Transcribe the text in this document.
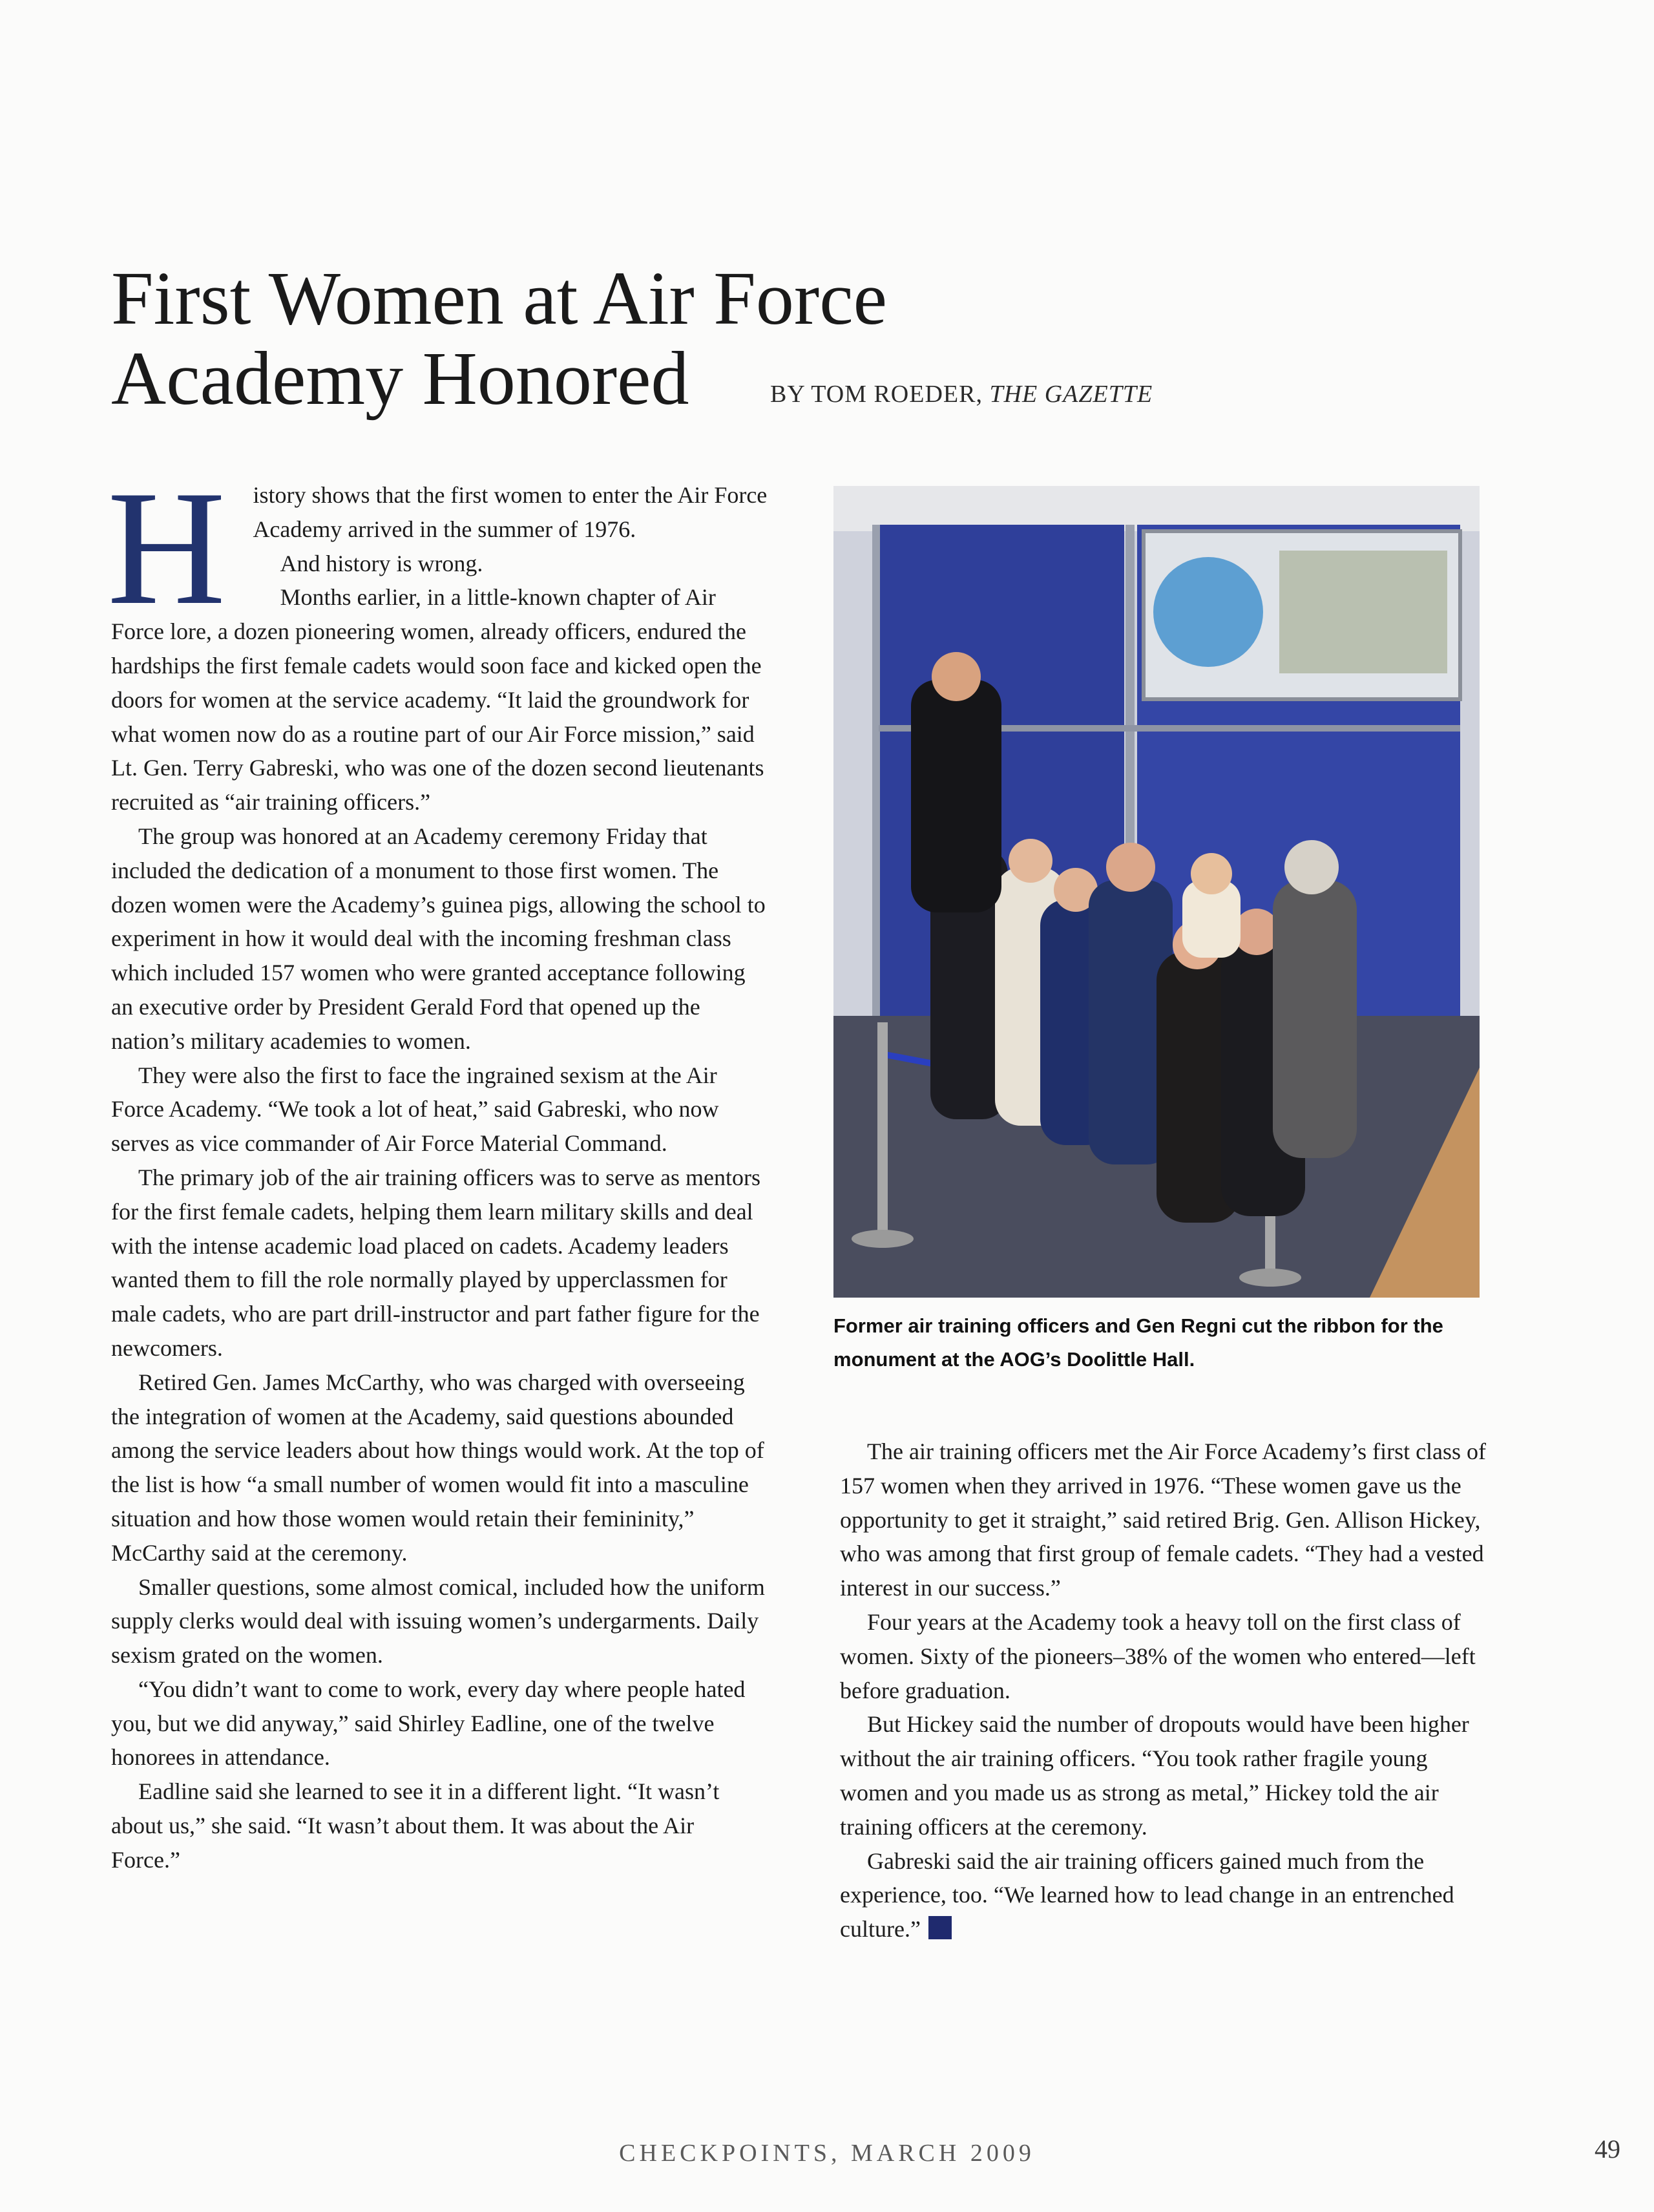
First Women at Air Force
Academy Honored	BY TOM ROEDER, THE GAZETTE

H istory shows that the first women to enter the Air Force Academy arrived in the summer of 1976.

And history is wrong.

Months earlier, in a little-known chapter of Air Force lore, a dozen pioneering women, already officers, endured the hardships the first female cadets would soon face and kicked open the doors for women at the service academy. “It laid the groundwork for what women now do as a routine part of our Air Force mission,” said Lt. Gen. Terry Gabreski, who was one of the dozen second lieutenants recruited as “air training officers.”

The group was honored at an Academy ceremony Friday that included the dedication of a monument to those first women. The dozen women were the Academy’s guinea pigs, allowing the school to experiment in how it would deal with the incoming freshman class which included 157 women who were granted acceptance following an executive order by President Gerald Ford that opened up the nation’s military academies to women.

They were also the first to face the ingrained sexism at the Air Force Academy. “We took a lot of heat,” said Gabreski, who now serves as vice commander of Air Force Material Command.

The primary job of the air training officers was to serve as mentors for the first female cadets, helping them learn military skills and deal with the intense academic load placed on cadets. Academy leaders wanted them to fill the role normally played by upperclassmen for male cadets, who are part drill-instructor and part father figure for the newcomers.

Retired Gen. James McCarthy, who was charged with overseeing the integration of women at the Academy, said questions abounded among the service leaders about how things would work. At the top of the list is how “a small number of women would fit into a masculine situation and how those women would retain their femininity,” McCarthy said at the ceremony.

Smaller questions, some almost comical, included how the uniform supply clerks would deal with issuing women’s undergarments. Daily sexism grated on the women.

“You didn’t want to come to work, every day where people hated you, but we did anyway,” said Shirley Eadline, one of the twelve honorees in attendance.

Eadline said she learned to see it in a different light. “It wasn’t about us,” she said. “It wasn’t about them. It was about the Air Force.”

Former air training officers and Gen Regni cut the ribbon for the monument at the AOG’s Doolittle Hall.

The air training officers met the Air Force Academy’s first class of 157 women when they arrived in 1976. “These women gave us the opportunity to get it straight,” said retired Brig. Gen. Allison Hickey, who was among that first group of female cadets. “They had a vested interest in our success.”

Four years at the Academy took a heavy toll on the first class of women. Sixty of the pioneers–38% of the women who entered—left before graduation.

But Hickey said the number of dropouts would have been higher without the air training officers. “You took rather fragile young women and you made us as strong as metal,” Hickey told the air training officers at the ceremony.

Gabreski said the air training officers gained much from the experience, too. “We learned how to lead change in an entrenched culture.”

CHECKPOINTS, MARCH 2009	49
